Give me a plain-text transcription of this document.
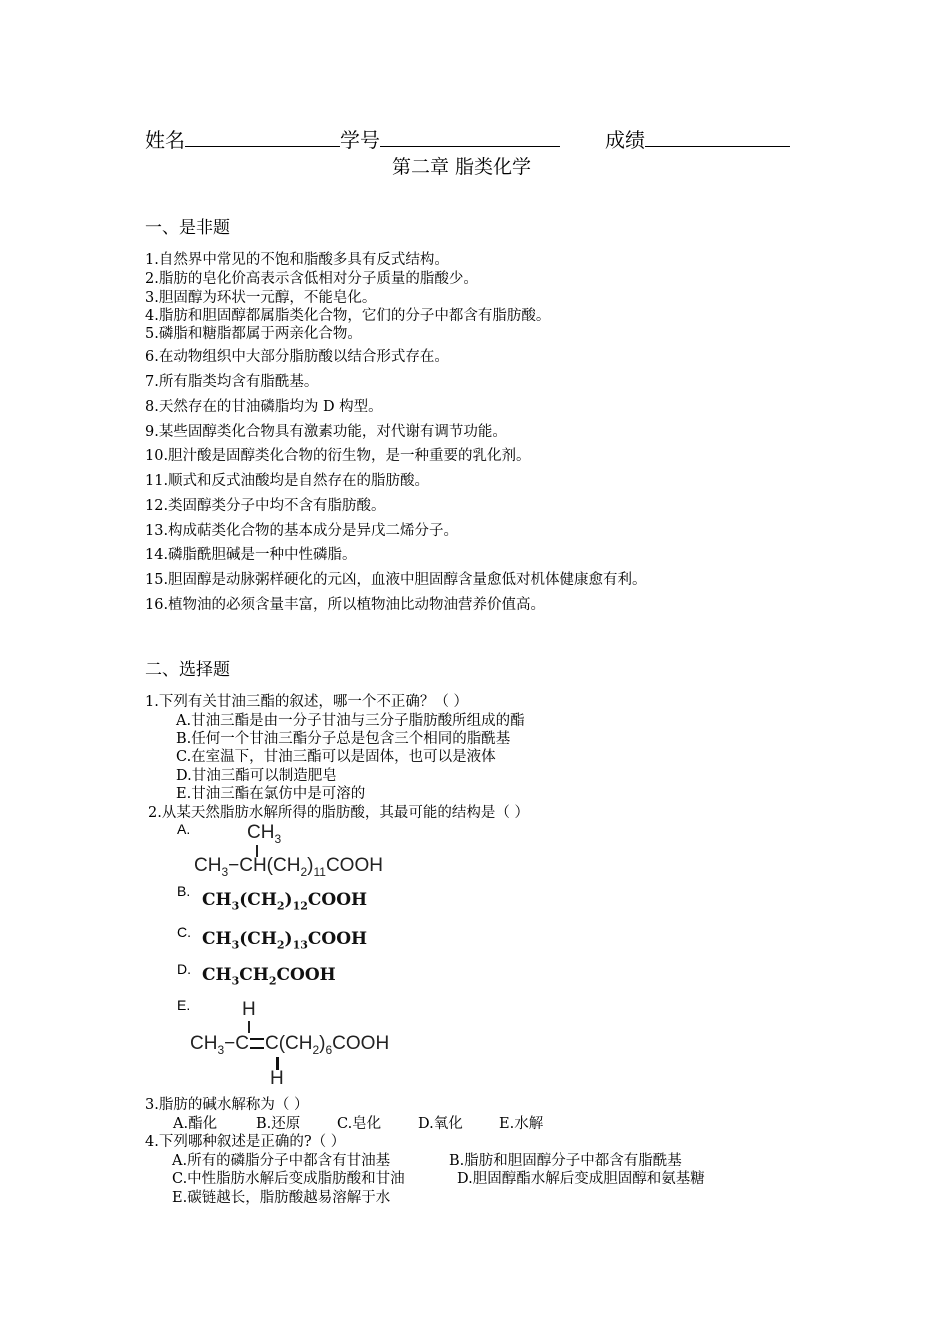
姓名	学号	成绩
第二章 脂类化学
一、是非题
1.自然界中常见的不饱和脂酸多具有反式结构。
2.脂肪的皂化价高表示含低相对分子质量的脂酸少。
3.胆固醇为环状一元醇，不能皂化。
4.脂肪和胆固醇都属脂类化合物，它们的分子中都含有脂肪酸。
5.磷脂和糖脂都属于两亲化合物。
6.在动物组织中大部分脂肪酸以结合形式存在。
7.所有脂类均含有脂酰基。
8.天然存在的甘油磷脂均为 D 构型。
9.某些固醇类化合物具有激素功能，对代谢有调节功能。
10.胆汁酸是固醇类化合物的衍生物，是一种重要的乳化剂。
11.顺式和反式油酸均是自然存在的脂肪酸。
12.类固醇类分子中均不含有脂肪酸。
13.构成萜类化合物的基本成分是异戊二烯分子。
14.磷脂酰胆碱是一种中性磷脂。
15.胆固醇是动脉粥样硬化的元凶，血液中胆固醇含量愈低对机体健康愈有利。
16.植物油的必须含量丰富，所以植物油比动物油营养价值高。
二、选择题
1.下列有关甘油三酯的叙述，哪一个不正确？（ ）
A.甘油三酯是由一分子甘油与三分子脂肪酸所组成的酯
B.任何一个甘油三酯分子总是包含三个相同的脂酰基
C.在室温下，甘油三酯可以是固体，也可以是液体
D.甘油三酯可以制造肥皂
E.甘油三酯在氯仿中是可溶的
2.从某天然脂肪水解所得的脂肪酸，其最可能的结构是（ ）
A.	$CH_3$
$CH_3-CH(CH_2)_{11}COOH$
B. $CH_3(CH_2)_{12}COOH$
C. $CH_3(CH_2)_{13}COOH$
D. $CH_3CH_2COOH$
E.	H
$CH_3-C$ $C(CH_2)_6COOH$
H
3.脂肪的碱水解称为（ ）
A.酯化	B.还原	C.皂化	D.氧化	E.水解
4.下列哪种叙述是正确的?（ ）
A.所有的磷脂分子中都含有甘油基	B.脂肪和胆固醇分子中都含有脂酰基
C.中性脂肪水解后变成脂肪酸和甘油	D.胆固醇酯水解后变成胆固醇和氨基糖
E.碳链越长，脂肪酸越易溶解于水
